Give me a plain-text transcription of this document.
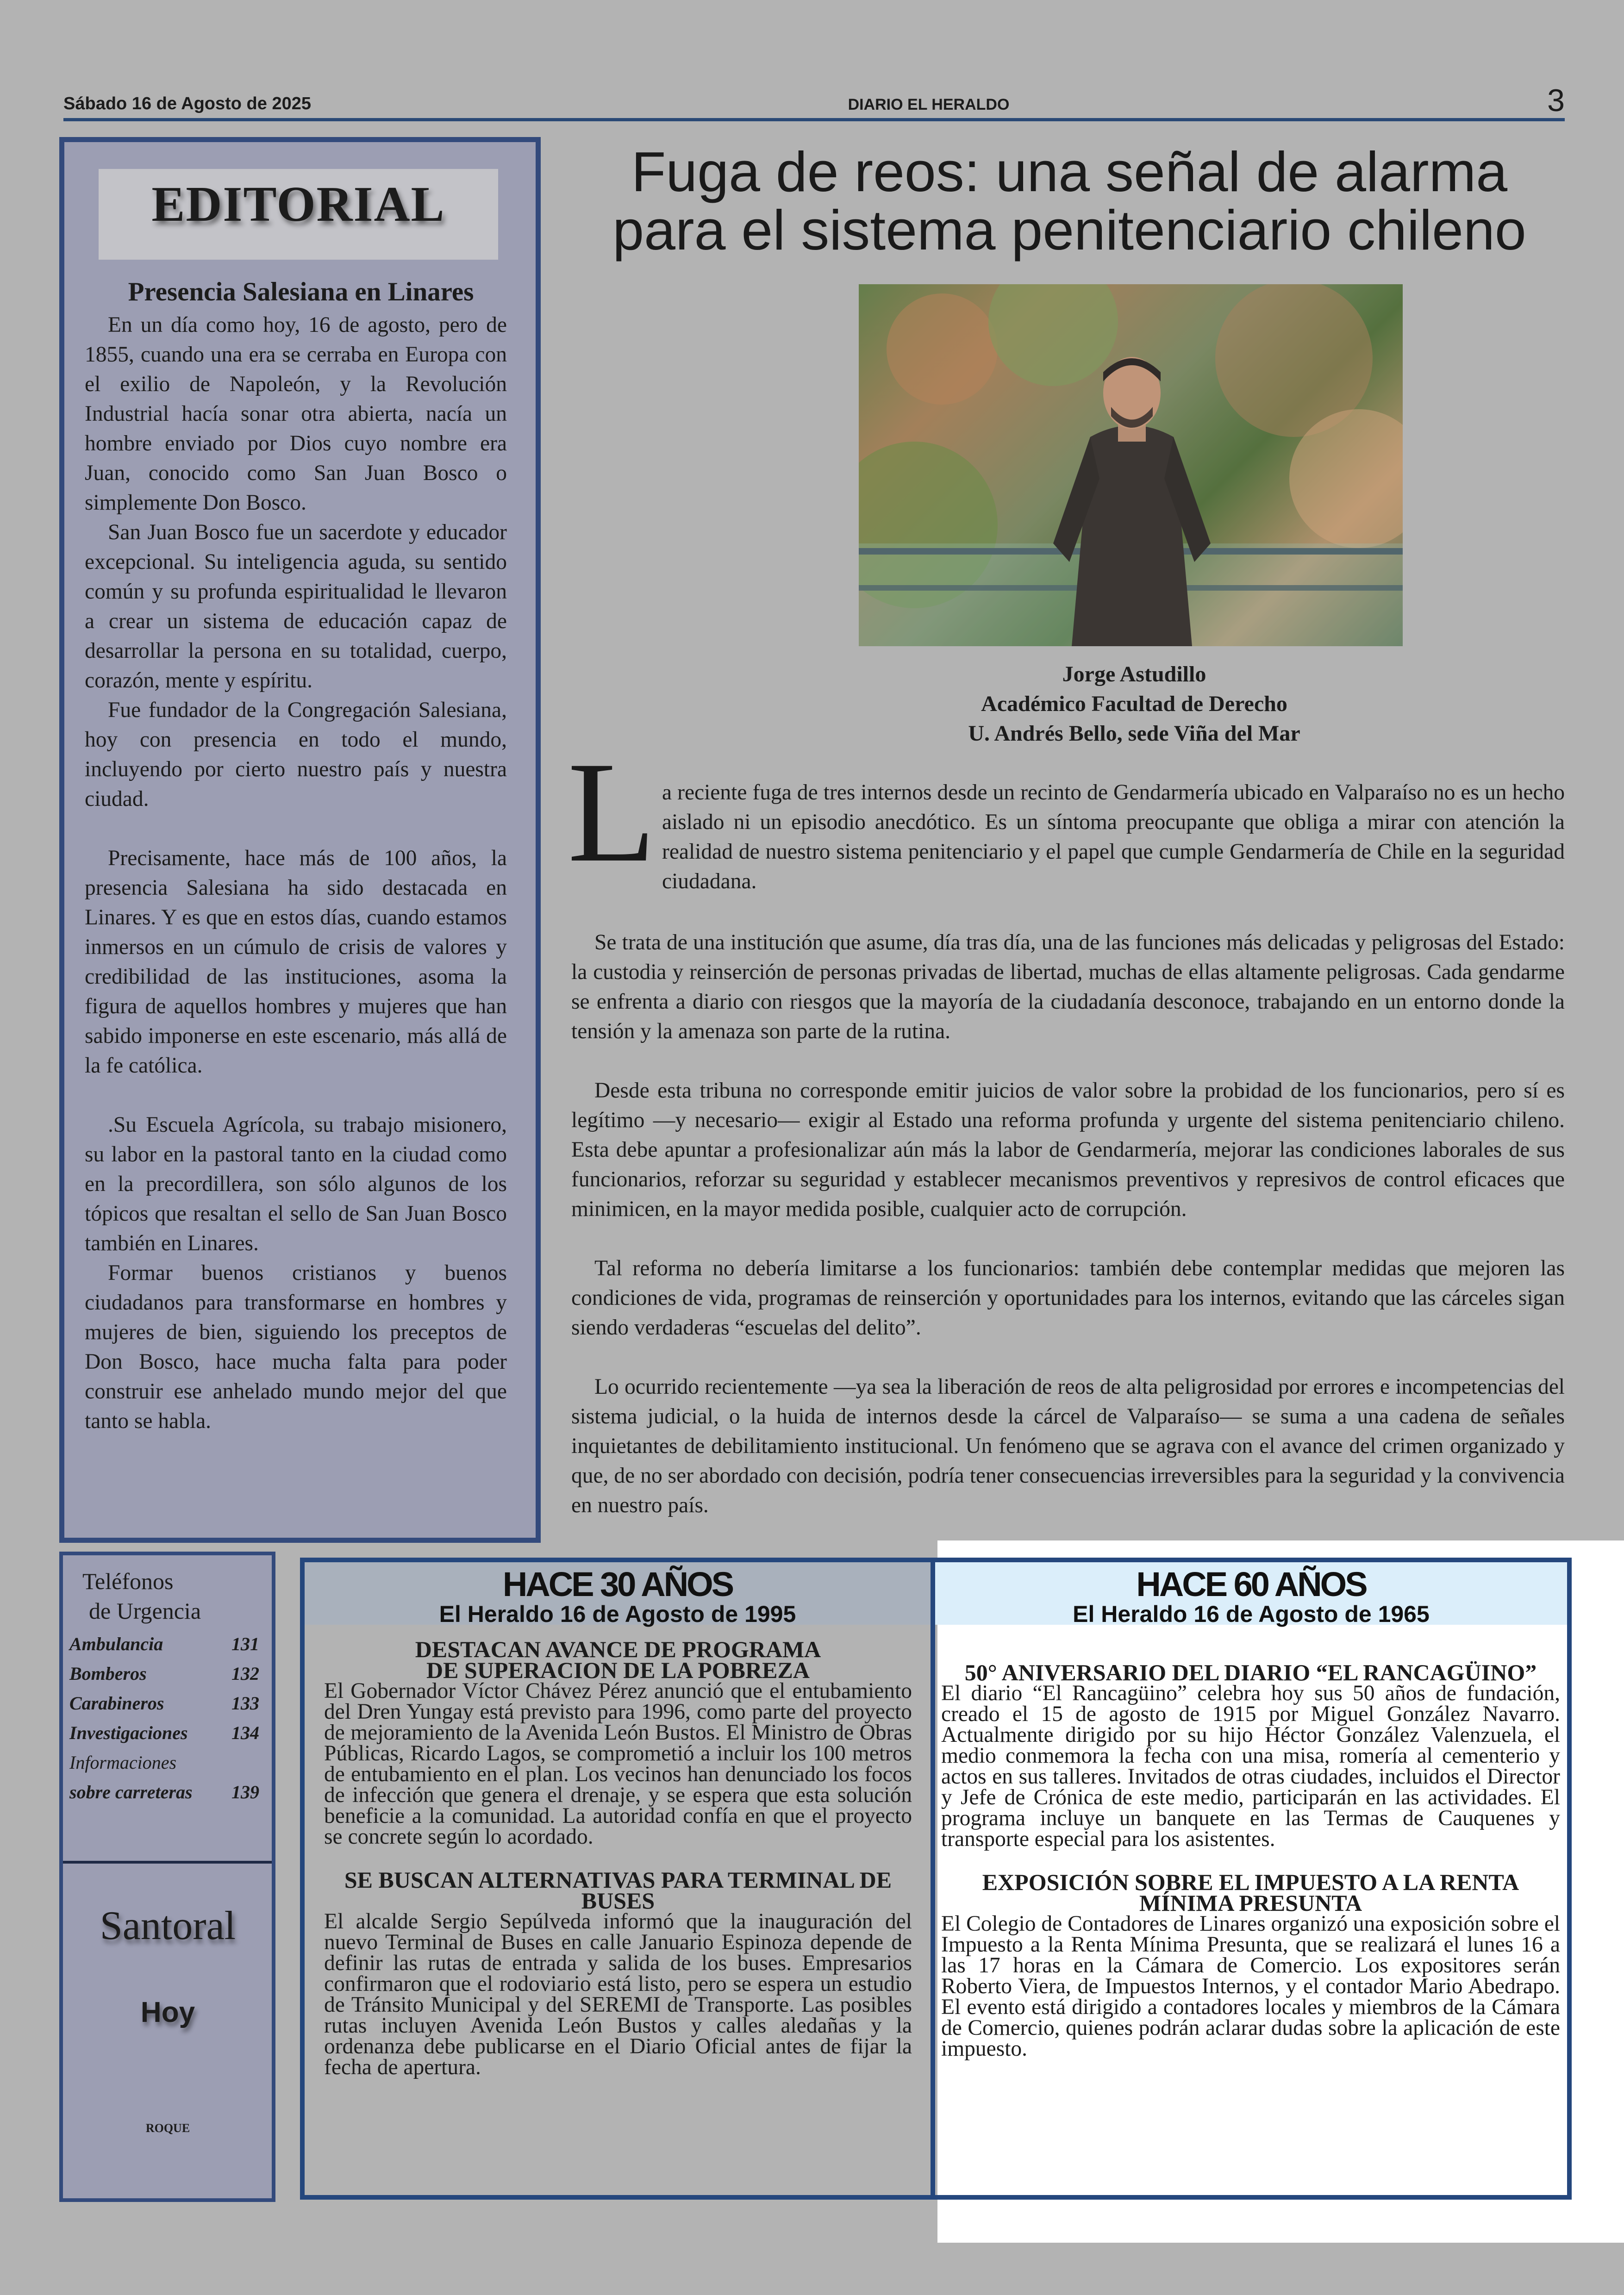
Sábado 16 de Agosto de 2025	DIARIO EL HERALDO	3
EDITORIAL
Presencia Salesiana en Linares

En un día como hoy, 16 de agosto, pero de 1855, cuando una era se cerraba en Europa con el exilio de Napoleón, y la Revolución Industrial hacía sonar otra abierta, nacía un hombre enviado por Dios cuyo nombre era Juan, conocido como San Juan Bosco o simplemente Don Bosco.

San Juan Bosco fue un sacerdote y educador excepcional. Su inteligencia aguda, su sentido común y su profunda espiritualidad le llevaron a crear un sistema de educación capaz de desarrollar la persona en su totalidad, cuerpo, corazón, mente y espíritu.

Fue fundador de la Congregación Salesiana, hoy con presencia en todo el mundo, incluyendo por cierto nuestro país y nuestra ciudad.

Precisamente, hace más de 100 años, la presencia Salesiana ha sido destacada en Linares. Y es que en estos días, cuando estamos inmersos en un cúmulo de crisis de valores y credibilidad de las instituciones, asoma la figura de aquellos hombres y mujeres que han sabido imponerse en este escenario, más allá de la fe católica.

.Su Escuela Agrícola, su trabajo misionero, su labor en la pastoral tanto en la ciudad como en la precordillera, son sólo algunos de los tópicos que resaltan el sello de San Juan Bosco también en Linares.

Formar buenos cristianos y buenos ciudadanos para transformarse en hombres y mujeres de bien, siguiendo los preceptos de Don Bosco, hace mucha falta para poder construir ese anhelado mundo mejor del que tanto se habla.

Fuga de reos: una señal de alarma
para el sistema penitenciario chileno
Jorge Astudillo
Académico Facultad de Derecho
U. Andrés Bello, sede Viña del Mar
L a reciente fuga de tres internos desde un recinto de Gendarmería ubicado en Valparaíso no es un hecho aislado ni un episodio anecdótico. Es un síntoma preocupante que obliga a mirar con atención la realidad de nuestro sistema penitenciario y el papel que cumple Gendarmería de Chile en la seguridad ciudadana.

Se trata de una institución que asume, día tras día, una de las funciones más delicadas y peligrosas del Estado: la custodia y reinserción de personas privadas de libertad, muchas de ellas altamente peligrosas. Cada gendarme se enfrenta a diario con riesgos que la mayoría de la ciudadanía desconoce, trabajando en un entorno donde la tensión y la amenaza son parte de la rutina.

Desde esta tribuna no corresponde emitir juicios de valor sobre la probidad de los funcionarios, pero sí es legítimo —y necesario— exigir al Estado una reforma profunda y urgente del sistema penitenciario chileno. Esta debe apuntar a profesionalizar aún más la labor de Gendarmería, mejorar las condiciones laborales de sus funcionarios, reforzar su seguridad y establecer mecanismos preventivos y represivos de control eficaces que minimicen, en la mayor medida posible, cualquier acto de corrupción.

Tal reforma no debería limitarse a los funcionarios: también debe contemplar medidas que mejoren las condiciones de vida, programas de reinserción y oportunidades para los internos, evitando que las cárceles sigan siendo verdaderas “escuelas del delito”.

Lo ocurrido recientemente —ya sea la liberación de reos de alta peligrosidad por errores e incompetencias del sistema judicial, o la huida de internos desde la cárcel de Valparaíso— se suma a una cadena de señales inquietantes de debilitamiento institucional. Un fenómeno que se agrava con el avance del crimen organizado y que, de no ser abordado con decisión, podría tener consecuencias irreversibles para la seguridad y la convivencia en nuestro país.

Teléfonos
de Urgencia
Ambulancia	131
Bomberos	132
Carabineros	133
Investigaciones 134
Informaciones
sobre carreteras 139
Santoral
Hoy
ROQUE
HACE 30 AÑOS
El Heraldo 16 de Agosto de 1995
HACE 60 AÑOS
El Heraldo 16 de Agosto de 1965
DESTACAN AVANCE DE PROGRAMA
DE SUPERACION DE LA POBREZA

El Gobernador Víctor Chávez Pérez anunció que el entubamiento del Dren Yungay está previsto para 1996, como parte del proyecto de mejoramiento de la Avenida León Bustos. El Ministro de Obras Públicas, Ricardo Lagos, se comprometió a incluir los 100 metros de entubamiento en el plan. Los vecinos han denunciado los focos de infección que genera el drenaje, y se espera que esta solución beneficie a la comunidad. La autoridad confía en que el proyecto se concrete según lo acordado.

SE BUSCAN ALTERNATIVAS PARA TERMINAL DE
BUSES

El alcalde Sergio Sepúlveda informó que la inauguración del nuevo Terminal de Buses en calle Januario Espinoza depende de definir las rutas de entrada y salida de los buses. Empresarios confirmaron que el rodoviario está listo, pero se espera un estudio de Tránsito Municipal y del SEREMI de Transporte. Las posibles rutas incluyen Avenida León Bustos y calles aledañas y la ordenanza debe publicarse en el Diario Oficial antes de fijar la fecha de apertura.

50° ANIVERSARIO DEL DIARIO “EL RANCAGÜINO”

El diario “El Rancagüino” celebra hoy sus 50 años de fundación, creado el 15 de agosto de 1915 por Miguel González Navarro. Actualmente dirigido por su hijo Héctor González Valenzuela, el medio conmemora la fecha con una misa, romería al cementerio y actos en sus talleres. Invitados de otras ciudades, incluidos el Director y Jefe de Crónica de este medio, participarán en las actividades. El programa incluye un banquete en las Termas de Cauquenes y transporte especial para los asistentes.

EXPOSICIÓN SOBRE EL IMPUESTO A LA RENTA
MÍNIMA PRESUNTA

El Colegio de Contadores de Linares organizó una exposición sobre el Impuesto a la Renta Mínima Presunta, que se realizará el lunes 16 a las 17 horas en la Cámara de Comercio. Los expositores serán Roberto Viera, de Impuestos Internos, y el contador Mario Abedrapo. El evento está dirigido a contadores locales y miembros de la Cámara de Comercio, quienes podrán aclarar dudas sobre la aplicación de este impuesto.
